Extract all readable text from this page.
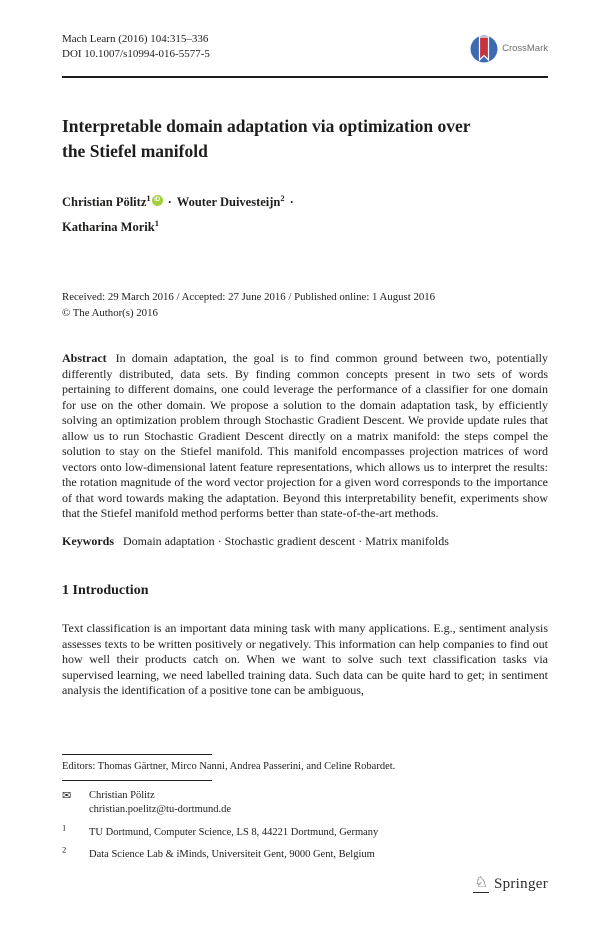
Mach Learn (2016) 104:315–336
DOI 10.1007/s10994-016-5577-5	CrossMark
Interpretable domain adaptation via optimization over
the Stiefel manifold
Christian Pölitz$^1$ iD · Wouter Duivesteijn$^2$ ·
Katharina Morik$^1$
Received: 29 March 2016 / Accepted: 27 June 2016 / Published online: 1 August 2016
© The Author(s) 2016

Abstract In domain adaptation, the goal is to find common ground between two, potentially differently distributed, data sets. By finding common concepts present in two sets of words pertaining to different domains, one could leverage the performance of a classifier for one domain for use on the other domain. We propose a solution to the domain adaptation task, by efficiently solving an optimization problem through Stochastic Gradient Descent. We provide update rules that allow us to run Stochastic Gradient Descent directly on a matrix manifold: the steps compel the solution to stay on the Stiefel manifold. This manifold encompasses projection matrices of word vectors onto low-dimensional latent feature representations, which allows us to interpret the results: the rotation magnitude of the word vector projection for a given word corresponds to the importance of that word towards making the adaptation. Beyond this interpretability benefit, experiments show that the Stiefel manifold method performs better than state-of-the-art methods.

Keywords Domain adaptation · Stochastic gradient descent · Matrix manifolds

1 Introduction

Text classification is an important data mining task with many applications. E.g., sentiment analysis assesses texts to be written positively or negatively. This information can help companies to find out how well their products catch on. When we want to solve such text classification tasks via supervised learning, we need labelled training data. Such data can be quite hard to get; in sentiment analysis the identification of a positive tone can be ambiguous,

Editors: Thomas Gärtner, Mirco Nanni, Andrea Passerini, and Celine Robardet.
✉	Christian Pölitz
christian.poelitz@tu-dortmund.de
$^1$	TU Dortmund, Computer Science, LS 8, 44221 Dortmund, Germany
$^2$	Data Science Lab & iMinds, Universiteit Gent, 9000 Gent, Belgium
♘ Springer
